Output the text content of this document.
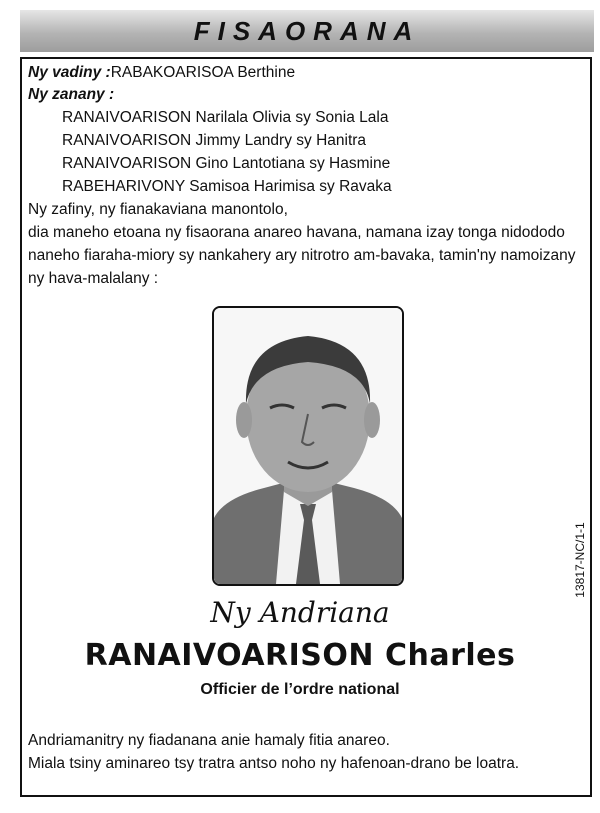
FISAORANA
Ny vadiny :RABAKOARISOA Berthine
Ny zanany :
RANAIVOARISON Narilala Olivia sy Sonia Lala
RANAIVOARISON Jimmy Landry sy Hanitra
RANAIVOARISON Gino Lantotiana sy Hasmine
RABEHARIVONY Samisoa Harimisa sy Ravaka
Ny zafiny, ny fianakaviana manontolo,
dia maneho etoana ny fisaorana anareo havana, namana izay tonga nidododo
naneho fiaraha-miory sy nankahery ary nitrotro am-bavaka, tamin'ny namoizany
ny hava-malalany :
13817-NC/1-1
Ny Andriana
RANAIVOARISON Charles
Officier de l’ordre national
Andriamanitry ny fiadanana anie hamaly fitia anareo.
Miala tsiny aminareo tsy tratra antso noho ny hafenoan-drano be loatra.
